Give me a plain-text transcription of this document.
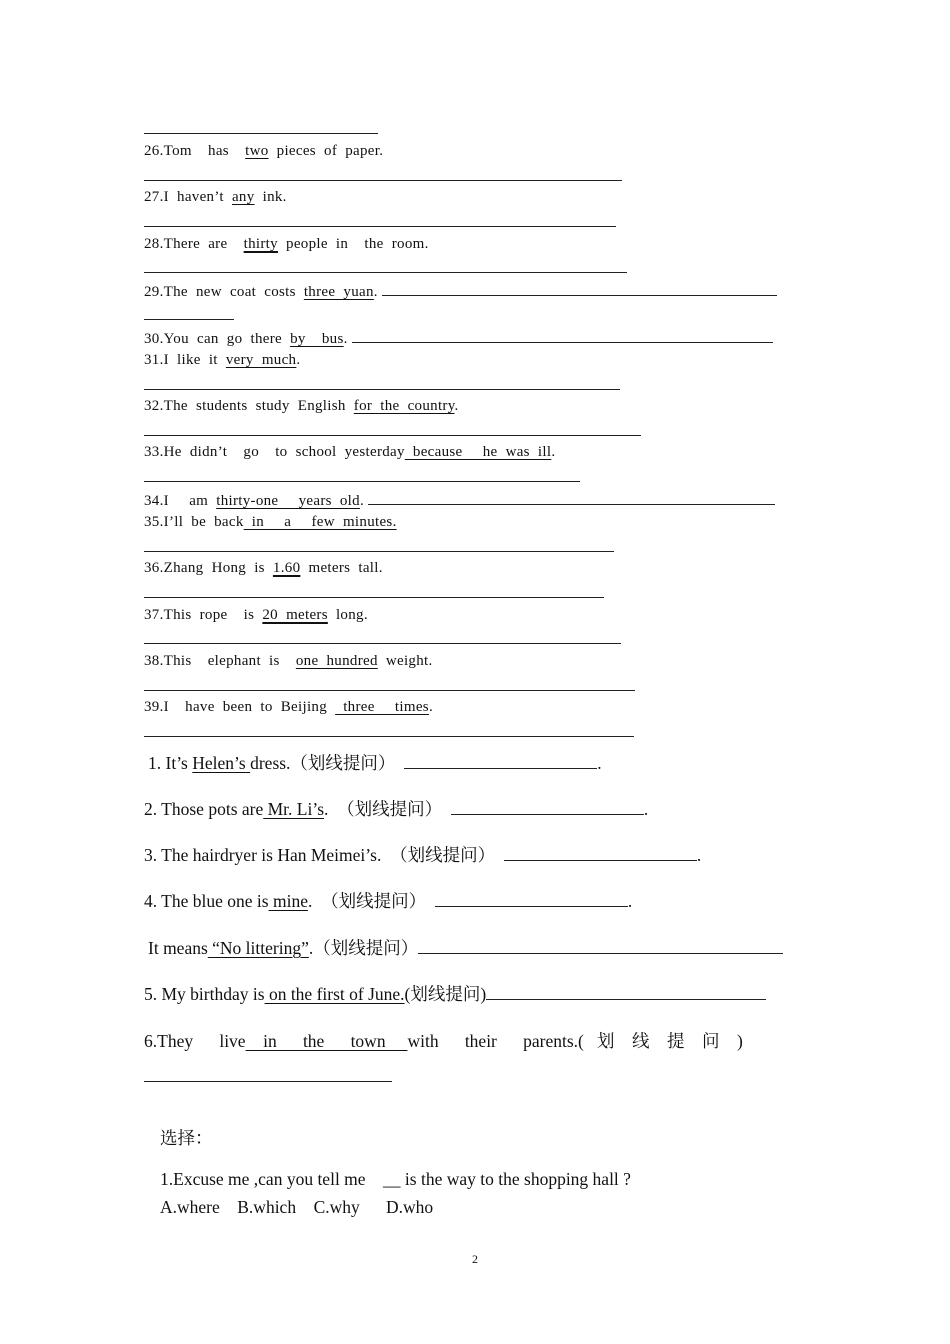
26.Tom    has    two  pieces  of  paper.
27.I  haven’t  any  ink.
28.There  are    thirty  people  in    the  room.
29.The  new  coat  costs  three  yuan.
30.You  can  go  there  by    bus.
31.I  like  it  very  much.
32.The  students  study  English  for  the  country.
33.He  didn’t    go    to  school  yesterday  because     he  was  ill.
34.I     am  thirty-one     years  old.
35.I’ll  be  back  in     a     few  minutes.
36.Zhang  Hong  is  1.60  meters  tall.
37.This  rope    is  20  meters  long.
38.This    elephant  is    one  hundred  weight.
39.I    have  been  to  Beijing    three     times.
1. It’s Helen’s dress.（划线提问）	.
2. Those pots are Mr. Li’s.  （划线提问）	.
3. The hairdryer is Han Meimei’s.  （划线提问）	.
4. The blue one is mine.  （划线提问）	.
It means “No littering”.（划线提问）
5. My birthday is on the first of June.(划线提问)
6.They      live    in      the      town     with      their      parents.(   划    线    提    问    )
选择：
1.Excuse me ,can you tell me    __ is the way to the shopping hall ?
A.where    B.which    C.why      D.who
2
